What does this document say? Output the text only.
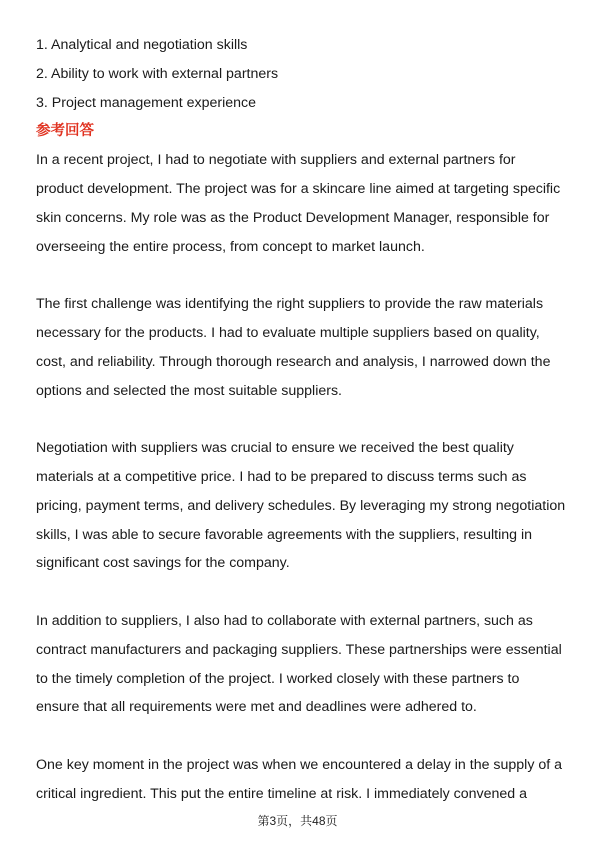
1. Analytical and negotiation skills
2. Ability to work with external partners
3. Project management experience

参考回答

In a recent project, I had to negotiate with suppliers and external partners for product development. The project was for a skincare line aimed at targeting specific skin concerns. My role was as the Product Development Manager, responsible for overseeing the entire process, from concept to market launch.

The first challenge was identifying the right suppliers to provide the raw materials necessary for the products. I had to evaluate multiple suppliers based on quality, cost, and reliability. Through thorough research and analysis, I narrowed down the options and selected the most suitable suppliers.

Negotiation with suppliers was crucial to ensure we received the best quality materials at a competitive price. I had to be prepared to discuss terms such as pricing, payment terms, and delivery schedules. By leveraging my strong negotiation skills, I was able to secure favorable agreements with the suppliers, resulting in significant cost savings for the company.

In addition to suppliers, I also had to collaborate with external partners, such as contract manufacturers and packaging suppliers. These partnerships were essential to the timely completion of the project. I worked closely with these partners to ensure that all requirements were met and deadlines were adhered to.

One key moment in the project was when we encountered a delay in the supply of a critical ingredient. This put the entire timeline at risk. I immediately convened a

第3页，共48页
